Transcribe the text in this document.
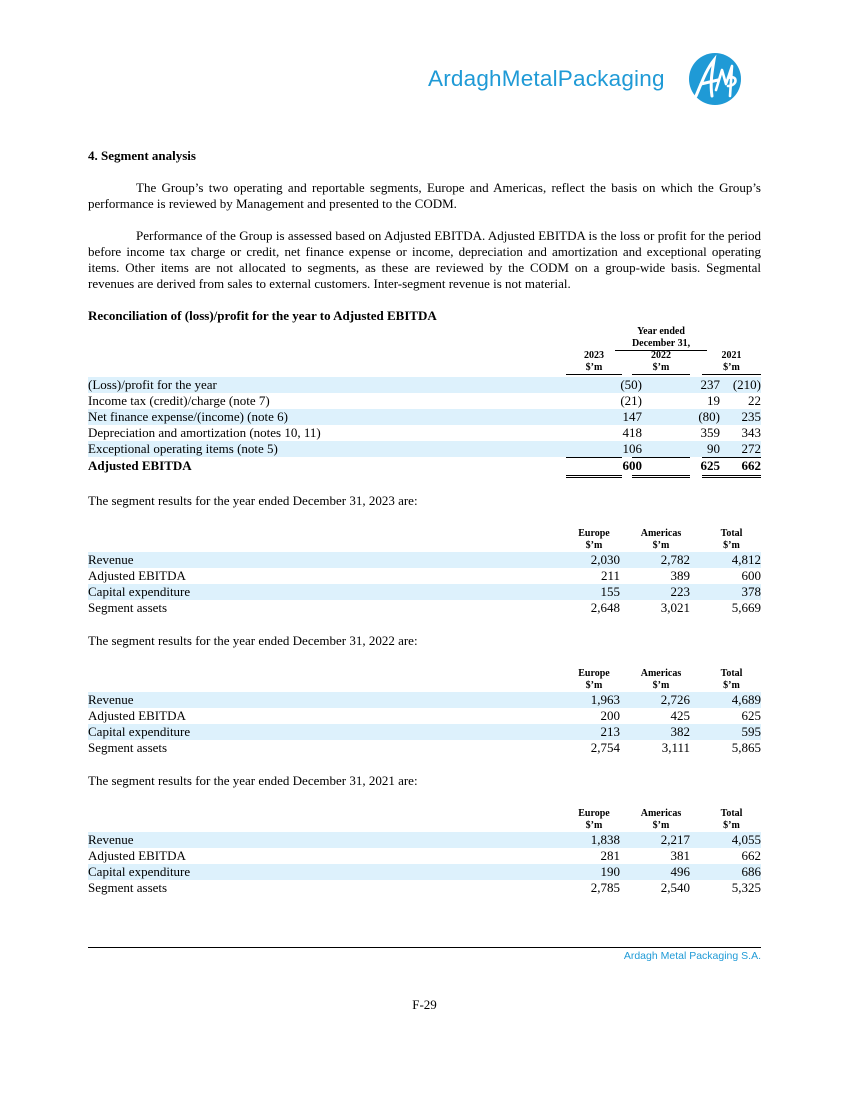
ArdaghMetalPackaging
4. Segment analysis
The Group’s two operating and reportable segments, Europe and Americas, reflect the basis on which the Group’s performance is reviewed by Management and presented to the CODM.
Performance of the Group is assessed based on Adjusted EBITDA. Adjusted EBITDA is the loss or profit for the period before income tax charge or credit, net finance expense or income, depreciation and amortization and exceptional operating items. Other items are not allocated to segments, as these are reviewed by the CODM on a group-wide basis. Segmental revenues are derived from sales to external customers. Inter-segment revenue is not material.
Reconciliation of (loss)/profit for the year to Adjusted EBITDA
Year ended December 31,
2023
$’m
2022
$’m
2021
$’m
(Loss)/profit for the year	(50)	237 (210)
Income tax (credit)/charge (note 7)	(21)	19	22
Net finance expense/(income) (note 6)	147	(80)	235
Depreciation and amortization (notes 10, 11)	418	359	343
Exceptional operating items (note 5)	106	90	272
Adjusted EBITDA	600	625	662
The segment results for the year ended December 31, 2023 are:
Europe
$’m
Americas
$’m
Total
$’m
Revenue	2,030	2,782	4,812
Adjusted EBITDA	211	389	600
Capital expenditure	155	223	378
Segment assets	2,648	3,021	5,669
The segment results for the year ended December 31, 2022 are:
Europe
$’m
Americas
$’m
Total
$’m
Revenue	1,963	2,726	4,689
Adjusted EBITDA	200	425	625
Capital expenditure	213	382	595
Segment assets	2,754	3,111	5,865
The segment results for the year ended December 31, 2021 are:
Europe
$’m
Americas
$’m
Total
$’m
Revenue	1,838	2,217	4,055
Adjusted EBITDA	281	381	662
Capital expenditure	190	496	686
Segment assets	2,785	2,540	5,325
Ardagh Metal Packaging S.A.
F-29
